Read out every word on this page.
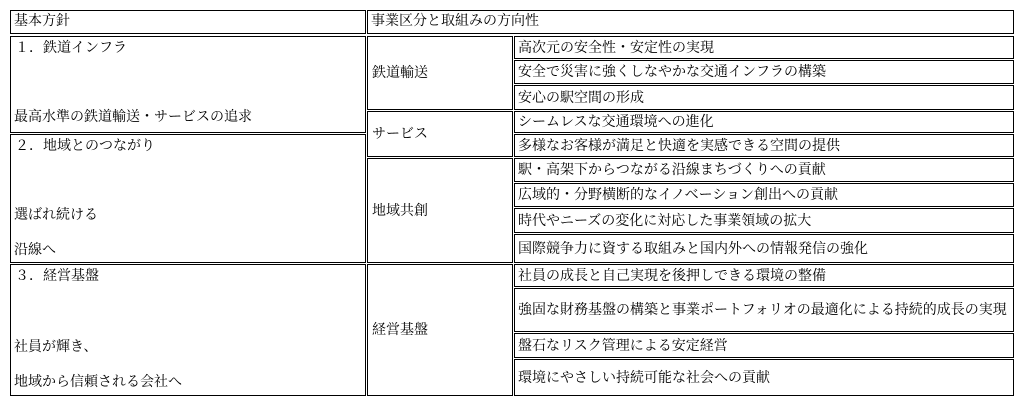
基本方針	事業区分と取組みの方向性
１．鉄道インフラ
最高水準の鉄道輸送・サービスの追求
２．地域とのつながり
選ばれ続ける
沿線へ
３．経営基盤
社員が輝き、
地域から信頼される会社へ
鉄道輸送
サービス
地域共創
経営基盤
高次元の安全性・安定性の実現
安全で災害に強くしなやかな交通インフラの構築
安心の駅空間の形成
シームレスな交通環境への進化
多様なお客様が満足と快適を実感できる空間の提供
駅・高架下からつながる沿線まちづくりへの貢献
広域的・分野横断的なイノベーション創出への貢献
時代やニーズの変化に対応した事業領域の拡大
国際競争力に資する取組みと国内外への情報発信の強化
社員の成長と自己実現を後押しできる環境の整備
強固な財務基盤の構築と事業ポートフォリオの最適化による持続的成長の実現
盤石なリスク管理による安定経営
環境にやさしい持続可能な社会への貢献
